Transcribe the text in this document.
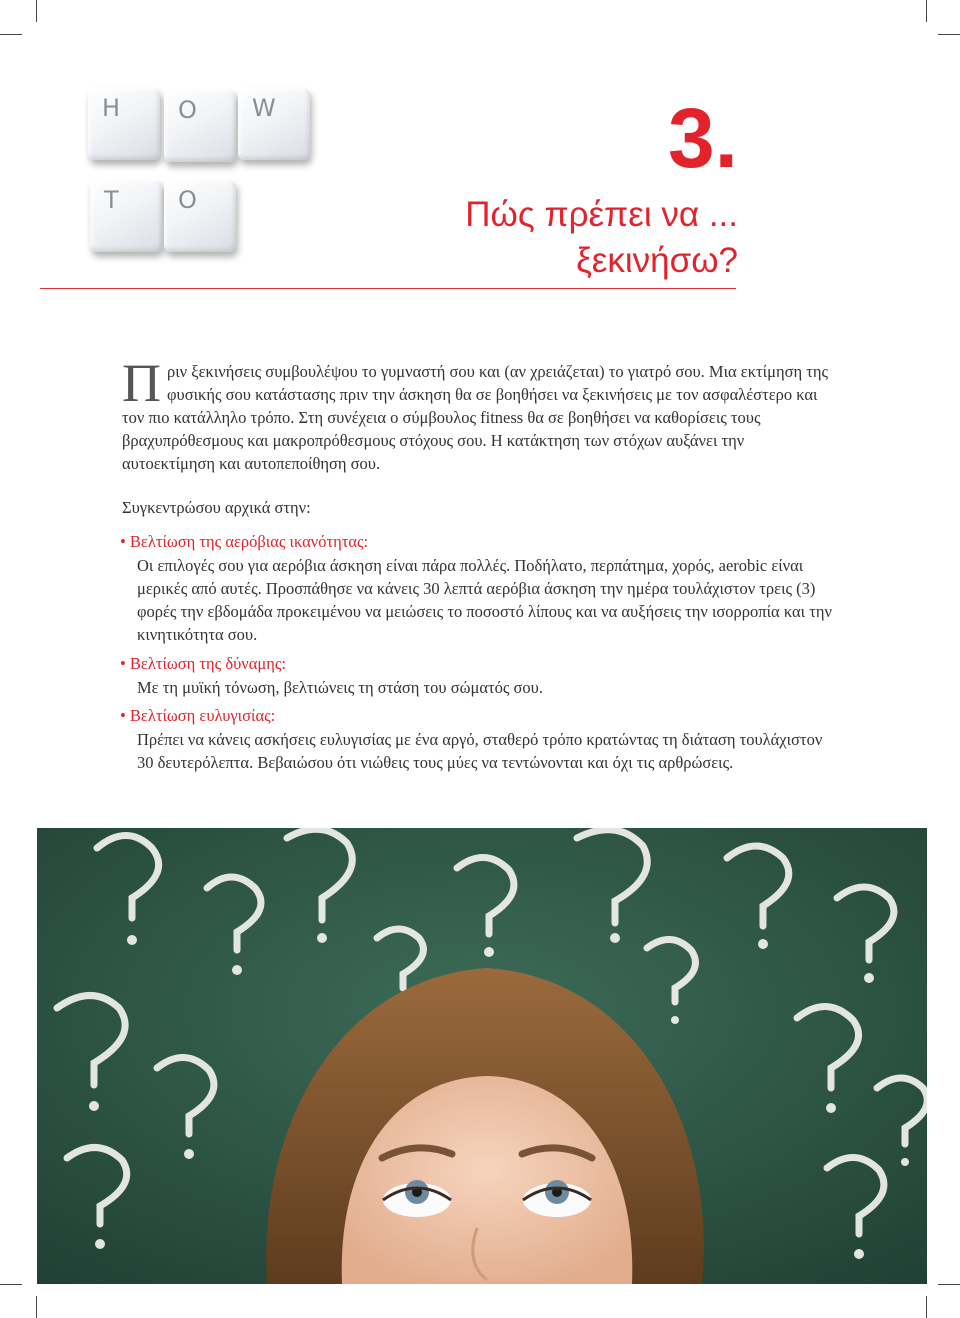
H O W
T O
3.
Πώς πρέπει να ...
ξεκινήσω?

Πριν ξεκινήσεις συμβουλέψου το γυμναστή σου και (αν χρειάζεται) το γιατρό σου. Μια εκτίμηση της φυσικής σου κατάστασης πριν την άσκηση θα σε βοηθήσει να ξεκινήσεις με τον ασφαλέστερο και τον πιο κατάλληλο τρόπο. Στη συνέχεια ο σύμβουλος fitness θα σε βοηθήσει να καθορίσεις τους βραχυπρόθεσμους και μακροπρόθεσμους στόχους σου. Η κατάκτηση των στόχων αυξάνει την αυτοεκτίμηση και αυτοπεποίθηση σου.

Συγκεντρώσου αρχικά στην:

• Βελτίωση της αερόβιας ικανότητας:

Οι επιλογές σου για αερόβια άσκηση είναι πάρα πολλές. Ποδήλατο, περπάτημα, χορός, aerobic είναι μερικές από αυτές. Προσπάθησε να κάνεις 30 λεπτά αερόβια άσκηση την ημέρα τουλάχιστον τρεις (3) φορές την εβδομάδα προκειμένου να μειώσεις το ποσοστό λίπους και να αυξήσεις την ισορροπία και την κινητικότητα σου.

• Βελτίωση της δύναμης:

Με τη μυϊκή τόνωση, βελτιώνεις τη στάση του σώματός σου.

• Βελτίωση ευλυγισίας:

Πρέπει να κάνεις ασκήσεις ευλυγισίας με ένα αργό, σταθερό τρόπο κρατώντας τη διάταση τουλάχιστον 30 δευτερόλεπτα. Βεβαιώσου ότι νιώθεις τους μύες να τεντώνονται και όχι τις αρθρώσεις.
